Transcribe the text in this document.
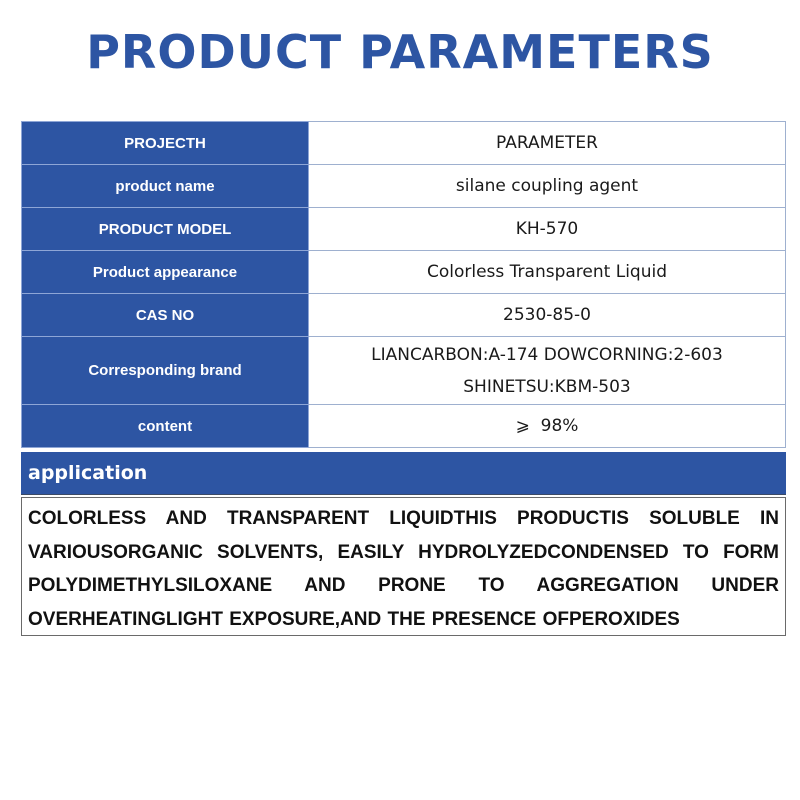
PRODUCT PARAMETERS
PROJECTH	PARAMETER
product name	silane coupling agent
PRODUCT MODEL	KH-570
Product appearance	Colorless Transparent Liquid
CAS NO	2530-85-0
Corresponding brand	LIANCARBON:A-174 DOWCORNING:2-603
SHINETSU:KBM-503

content	⩾  98%
application
COLORLESS AND TRANSPARENT LIQUIDTHIS PRODUCTIS SOLUBLE IN VARIOUSORGANIC SOLVENTS, EASILY HYDROLYZEDCONDENSED TO FORM POLYDIMETHYLSILOXANE AND PRONE TO AGGREGATION UNDER OVERHEATINGLIGHT EXPOSURE,AND THE PRESENCE OFPEROXIDES
